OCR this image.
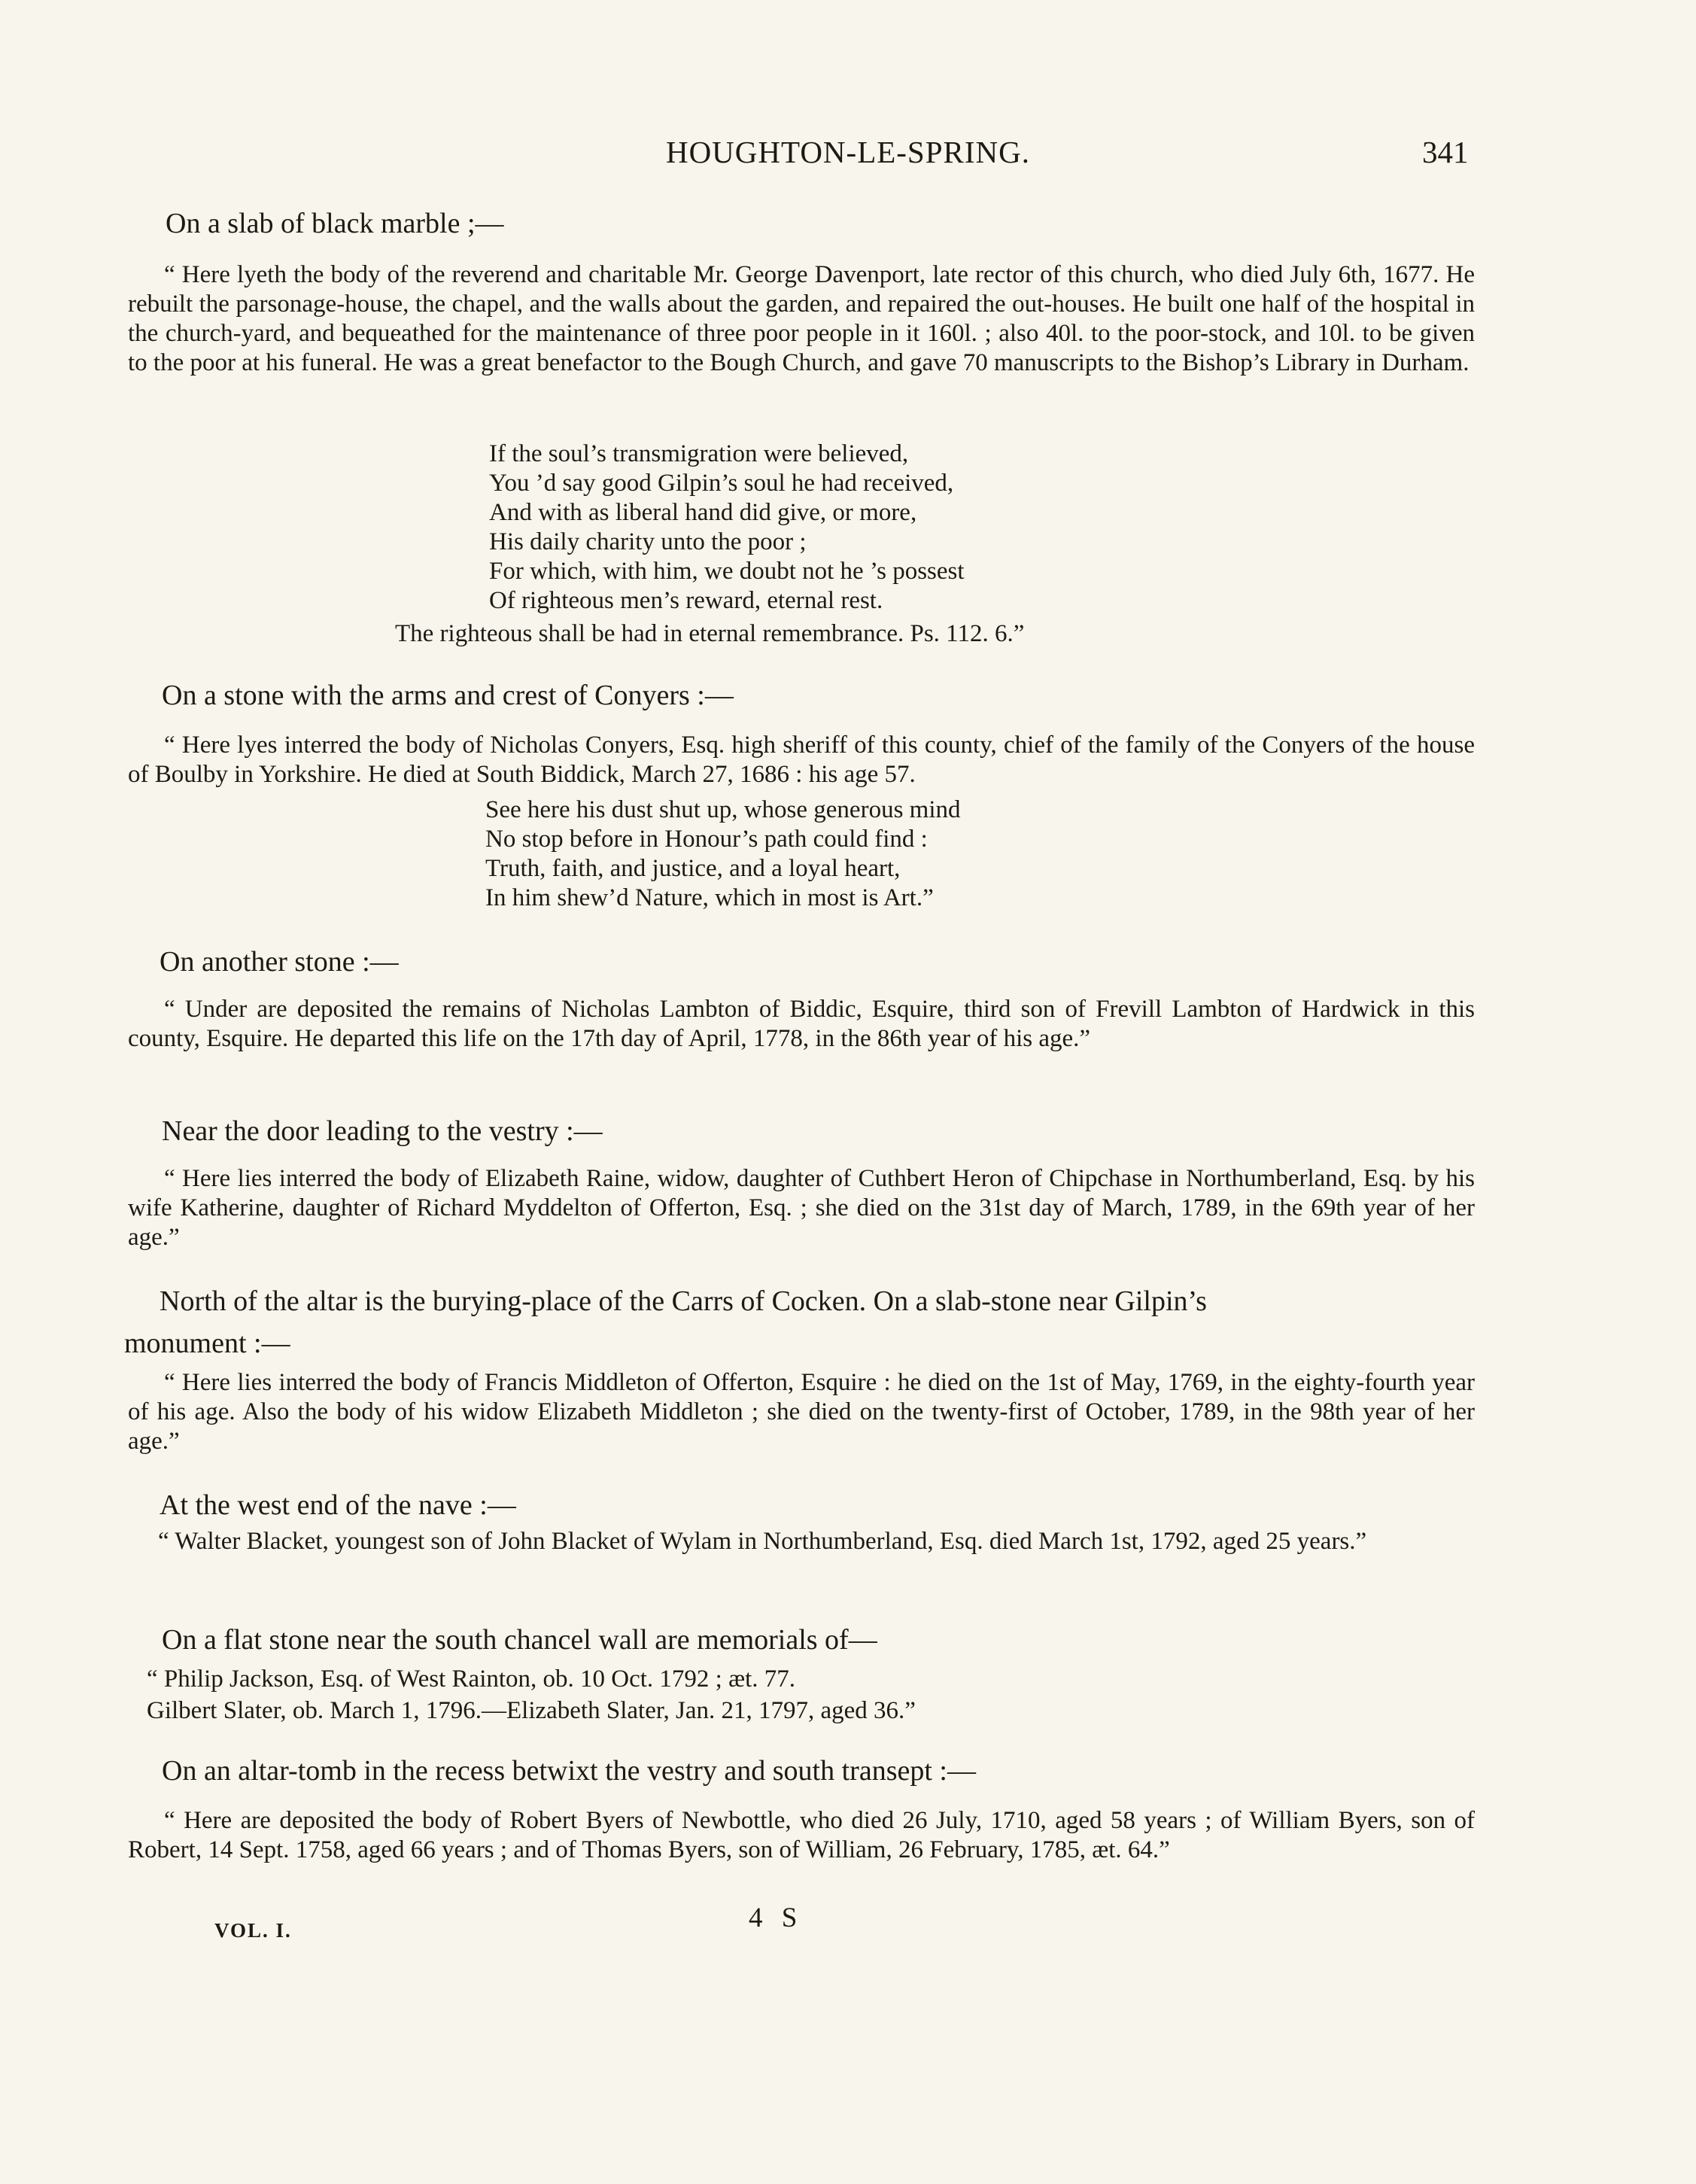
HOUGHTON-LE-SPRING.	341
On a slab of black marble ;—

“ Here lyeth the body of the reverend and charitable Mr. George Davenport, late rector of this church, who died July 6th, 1677. He rebuilt the parsonage-house, the chapel, and the walls about the garden, and repaired the out-houses. He built one half of the hospital in the church-yard, and bequeathed for the maintenance of three poor people in it 160l. ; also 40l. to the poor-stock, and 10l. to be given to the poor at his funeral. He was a great benefactor to the Bough Church, and gave 70 manuscripts to the Bishop’s Library in Durham.

If the soul’s transmigration were believed,
You ’d say good Gilpin’s soul he had received,
And with as liberal hand did give, or more,
His daily charity unto the poor ;
For which, with him, we doubt not he ’s possest
Of righteous men’s reward, eternal rest.
The righteous shall be had in eternal remembrance. Ps. 112. 6.”
On a stone with the arms and crest of Conyers :—

“ Here lyes interred the body of Nicholas Conyers, Esq. high sheriff of this county, chief of the family of the Conyers of the house of Boulby in Yorkshire. He died at South Biddick, March 27, 1686 : his age 57.

See here his dust shut up, whose generous mind
No stop before in Honour’s path could find :
Truth, faith, and justice, and a loyal heart,
In him shew’d Nature, which in most is Art.”
On another stone :—

“ Under are deposited the remains of Nicholas Lambton of Biddic, Esquire, third son of Frevill Lambton of Hardwick in this county, Esquire. He departed this life on the 17th day of April, 1778, in the 86th year of his age.”

Near the door leading to the vestry :—

“ Here lies interred the body of Elizabeth Raine, widow, daughter of Cuthbert Heron of Chipchase in Northumberland, Esq. by his wife Katherine, daughter of Richard Myddelton of Offerton, Esq. ; she died on the 31st day of March, 1789, in the 69th year of her age.”

North of the altar is the burying-place of the Carrs of Cocken. On a slab-stone near Gilpin’s
monument :—

“ Here lies interred the body of Francis Middleton of Offerton, Esquire : he died on the 1st of May, 1769, in the eighty-fourth year of his age. Also the body of his widow Elizabeth Middleton ; she died on the twenty-first of October, 1789, in the 98th year of her age.”

At the west end of the nave :—

“ Walter Blacket, youngest son of John Blacket of Wylam in Northumberland, Esq. died March 1st, 1792, aged 25 years.”

On a flat stone near the south chancel wall are memorials of—
“ Philip Jackson, Esq. of West Rainton, ob. 10 Oct. 1792 ; æt. 77.
Gilbert Slater, ob. March 1, 1796.—Elizabeth Slater, Jan. 21, 1797, aged 36.”
On an altar-tomb in the recess betwixt the vestry and south transept :—

“ Here are deposited the body of Robert Byers of Newbottle, who died 26 July, 1710, aged 58 years ; of William Byers, son of Robert, 14 Sept. 1758, aged 66 years ; and of Thomas Byers, son of William, 26 February, 1785, æt. 64.”

VOL. I.	4 S
